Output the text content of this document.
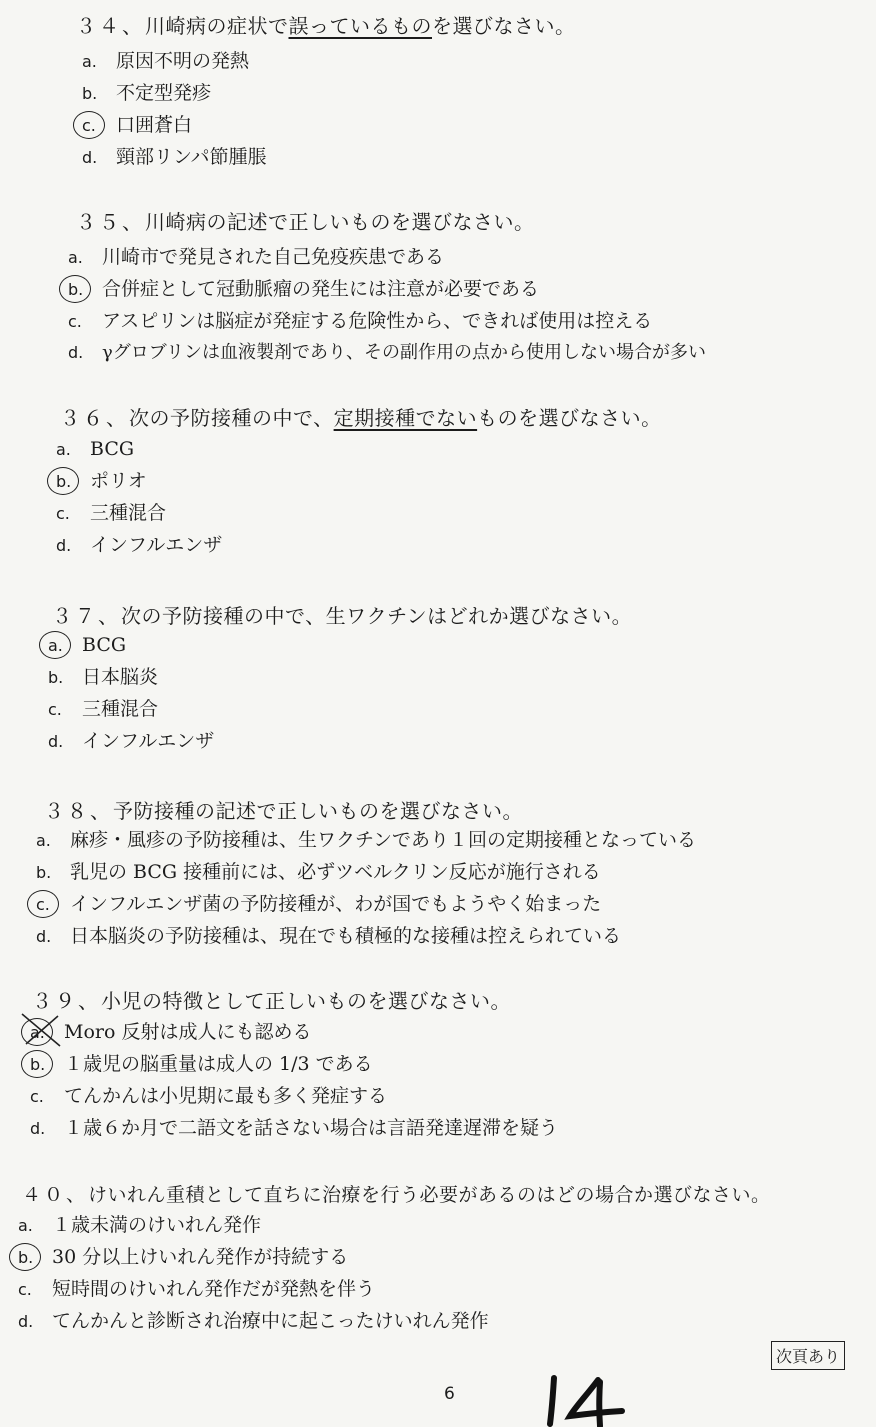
３４、川崎病の症状で誤っているものを選びなさい。
a. 原因不明の発熱
b. 不定型発疹
c. 口囲蒼白
d. 頸部リンパ節腫脹
３５、川崎病の記述で正しいものを選びなさい。
a. 川崎市で発見された自己免疫疾患である
b. 合併症として冠動脈瘤の発生には注意が必要である
c. アスピリンは脳症が発症する危険性から、できれば使用は控える
d. γグロブリンは血液製剤であり、その副作用の点から使用しない場合が多い
３６、次の予防接種の中で、定期接種でないものを選びなさい。
a. BCG
b. ポリオ
c. 三種混合
d. インフルエンザ
３７、次の予防接種の中で、生ワクチンはどれか選びなさい。
a. BCG
b. 日本脳炎
c. 三種混合
d. インフルエンザ
３８、予防接種の記述で正しいものを選びなさい。
a. 麻疹・風疹の予防接種は、生ワクチンであり１回の定期接種となっている
b. 乳児の BCG 接種前には、必ずツベルクリン反応が施行される
c. インフルエンザ菌の予防接種が、わが国でもようやく始まった
d. 日本脳炎の予防接種は、現在でも積極的な接種は控えられている
３９、小児の特徴として正しいものを選びなさい。
a. Moro 反射は成人にも認める
b. １歳児の脳重量は成人の 1/3 である
c. てんかんは小児期に最も多く発症する
d. １歳６か月で二語文を話さない場合は言語発達遅滞を疑う
４０、けいれん重積として直ちに治療を行う必要があるのはどの場合か選びなさい。
a. １歳未満のけいれん発作
b. 30 分以上けいれん発作が持続する
c. 短時間のけいれん発作だが発熱を伴う
d. てんかんと診断され治療中に起こったけいれん発作
次頁あり
6
